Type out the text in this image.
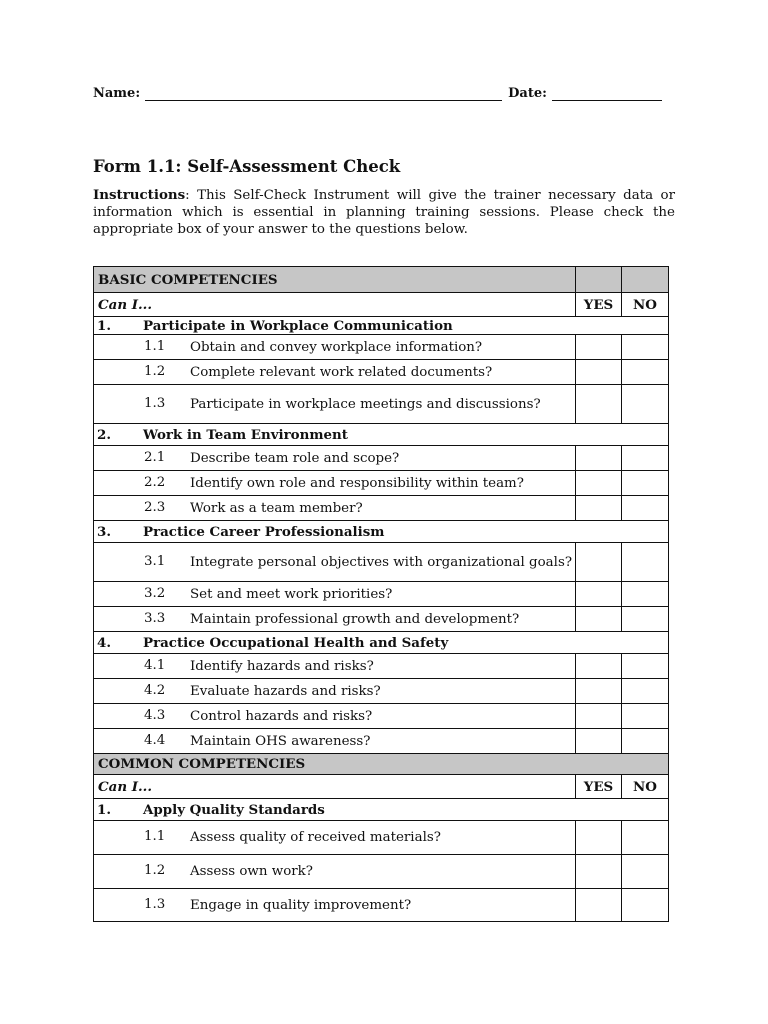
Name:	Date:
Form 1.1: Self-Assessment Check
Instructions: This Self-Check Instrument will give the trainer necessary data or information which is essential in planning training sessions. Please check the appropriate box of your answer to the questions below.
BASIC COMPETENCIES		
Can I...	YES	NO
1. Participate in Workplace Communication		

1.1 Obtain and convey workplace information?		

1.2 Complete relevant work related documents?		

1.3 Participate in workplace meetings and discussions?		

2. Work in Team Environment		

2.1 Describe team role and scope?		

2.2 Identify own role and responsibility within team?		

2.3 Work as a team member?		

3. Practice Career Professionalism		

3.1 Integrate personal objectives with organizational goals?		

3.2 Set and meet work priorities?		

3.3 Maintain professional growth and development?		

4. Practice Occupational Health and Safety		

4.1 Identify hazards and risks?		

4.2 Evaluate hazards and risks?		

4.3 Control hazards and risks?		

4.4 Maintain OHS awareness?		

COMMON COMPETENCIES		
Can I...	YES	NO
1. Apply Quality Standards		

1.1 Assess quality of received materials?		

1.2 Assess own work?		

1.3 Engage in quality improvement?		
